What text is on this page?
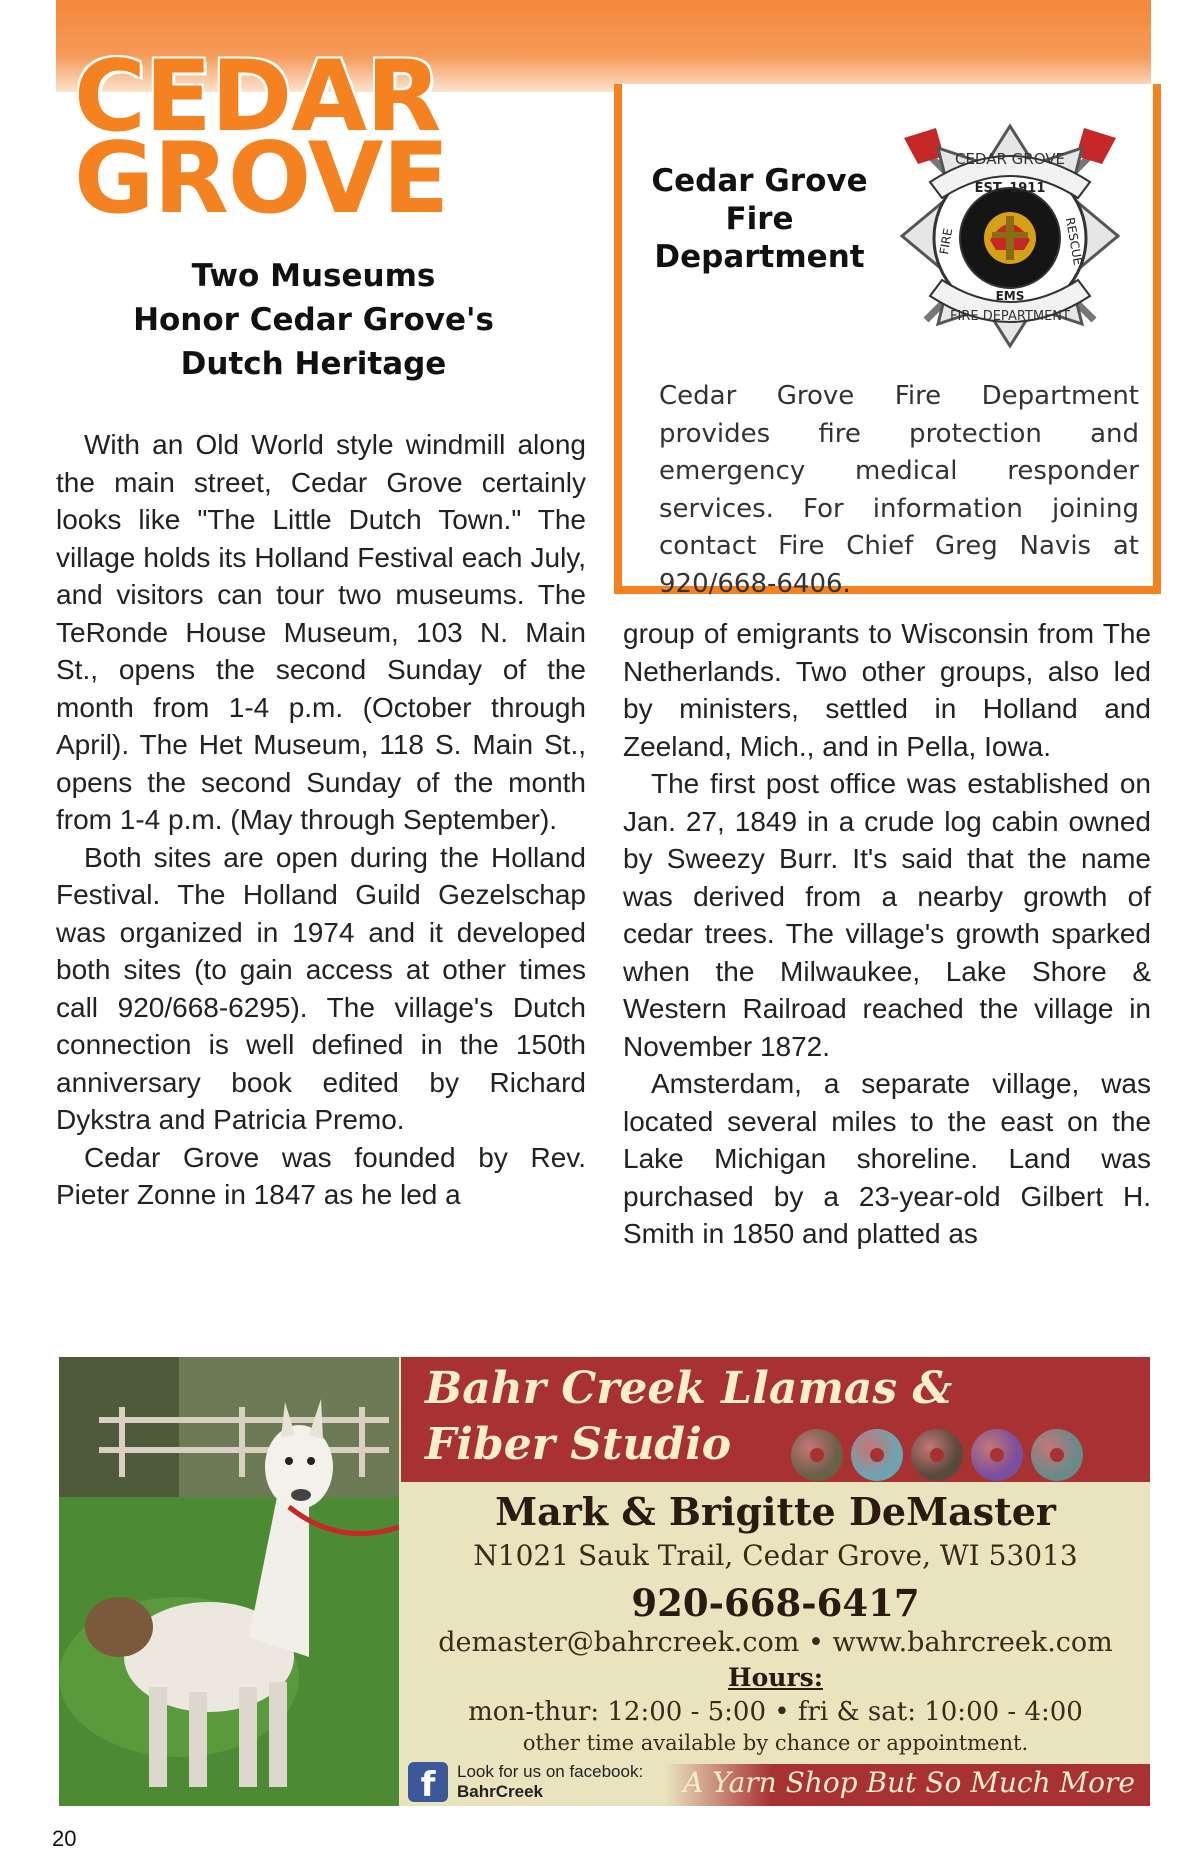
CEDAR
GROVE
Two Museums
Honor Cedar Grove's
Dutch Heritage

With an Old World style windmill along the main street, Cedar Grove certainly looks like "The Little Dutch Town." The village holds its Holland Festival each July, and visitors can tour two museums. The TeRonde House Museum, 103 N. Main St., opens the second Sunday of the month from 1-4 p.m. (October through April). The Het Museum, 118 S. Main St., opens the second Sunday of the month from 1-4 p.m. (May through September).

Both sites are open during the Holland Festival. The Holland Guild Gezelschap was organized in 1974 and it developed both sites (to gain access at other times call 920/668-6295). The village's Dutch connection is well defined in the 150th anniversary book edited by Richard Dykstra and Patricia Premo.

Cedar Grove was founded by Rev. Pieter Zonne in 1847 as he led a

Cedar Grove
Fire
Department
CEDAR GROVE
EST. 1911
FIRE	RESCUE
EMS
FIRE DEPARTMENT

Cedar Grove Fire Department provides fire protection and emergency medical responder services. For information joining contact Fire Chief Greg Navis at 920/668-6406.

group of emigrants to Wisconsin from The Netherlands. Two other groups, also led by ministers, settled in Holland and Zeeland, Mich., and in Pella, Iowa.

The first post office was established on Jan. 27, 1849 in a crude log cabin owned by Sweezy Burr. It's said that the name was derived from a nearby growth of cedar trees. The village's growth sparked when the Milwaukee, Lake Shore & Western Railroad reached the village in November 1872.

Amsterdam, a separate village, was located several miles to the east on the Lake Michigan shoreline. Land was purchased by a 23-year-old Gilbert H. Smith in 1850 and platted as

Bahr Creek Llamas &
Fiber Studio

Mark & Brigitte DeMaster

N1021 Sauk Trail, Cedar Grove, WI 53013

920-668-6417

demaster@bahrcreek.com • www.bahrcreek.com

Hours:

mon-thur: 12:00 - 5:00 • fri & sat: 10:00 - 4:00

other time available by chance or appointment.

f	Look for us on facebook:
BahrCreek	A Yarn Shop But So Much More

20
